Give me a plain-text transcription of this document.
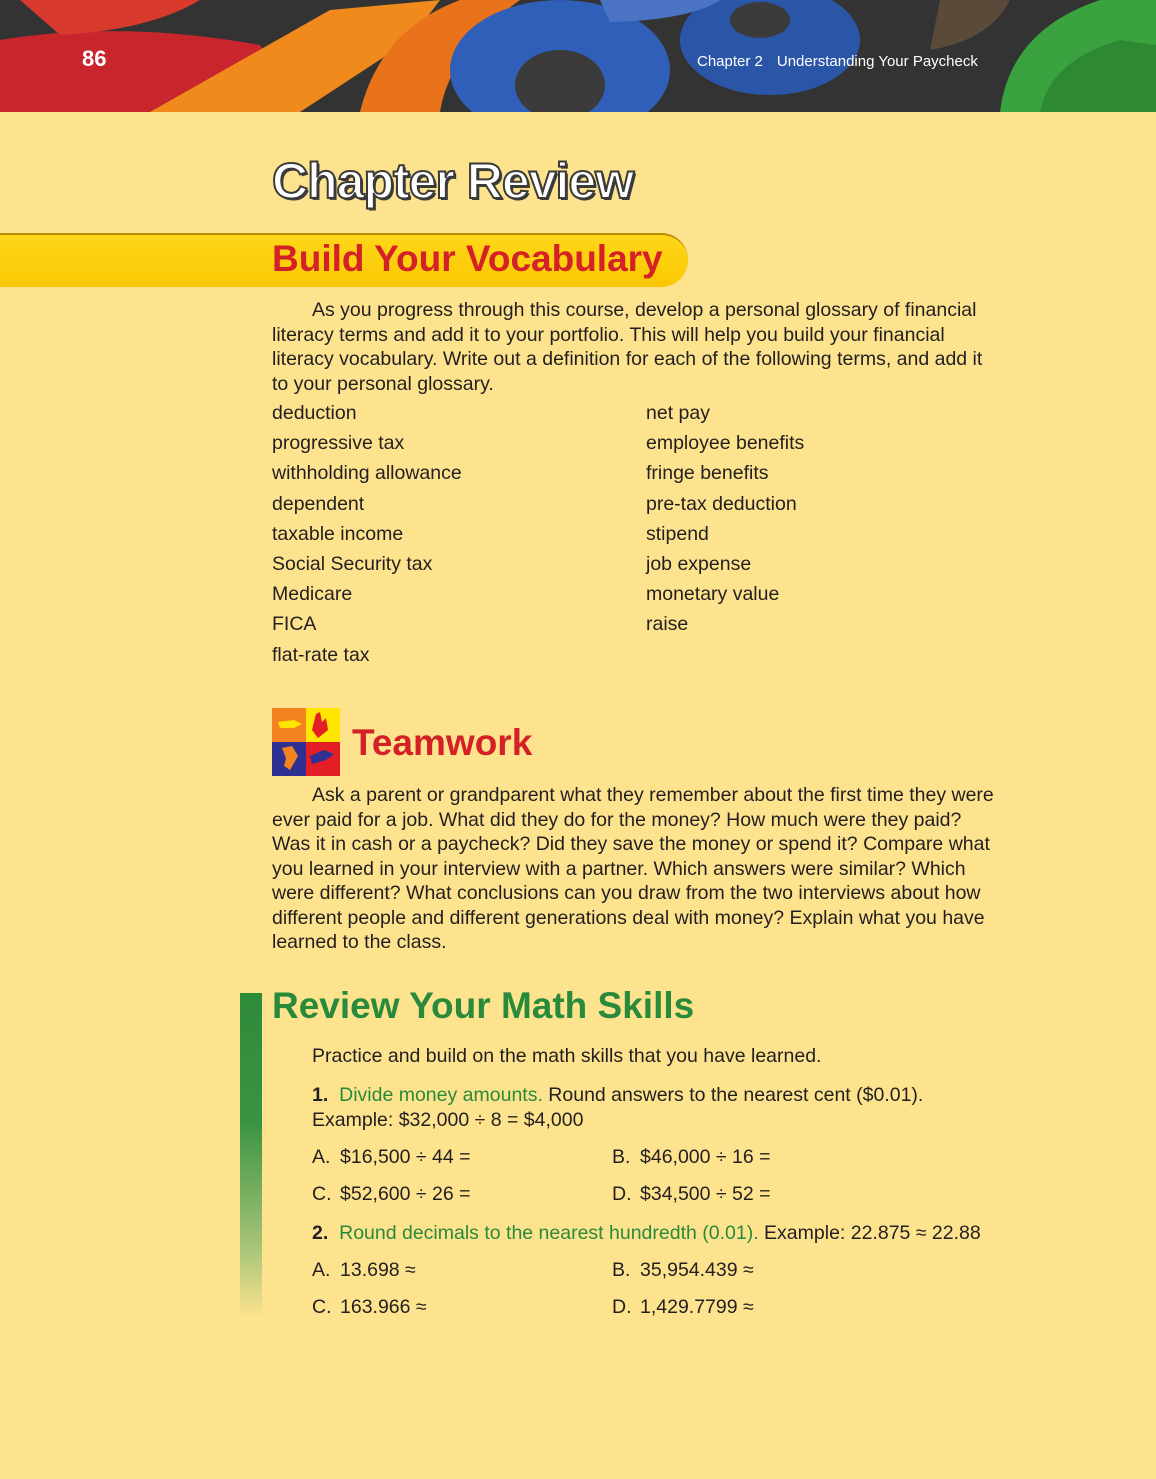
86	Chapter 2 Understanding Your Paycheck
Chapter Review
Build Your Vocabulary

As you progress through this course, develop a personal glossary of financial literacy terms and add it to your portfolio. This will help you build your financial literacy vocabulary. Write out a definition for each of the following terms, and add it to your personal glossary.

deduction
progressive tax
withholding allowance
dependent
taxable income
Social Security tax
Medicare
FICA
flat-rate tax
net pay
employee benefits
fringe benefits
pre-tax deduction
stipend
job expense
monetary value
raise
Teamwork

Ask a parent or grandparent what they remember about the first time they were ever paid for a job. What did they do for the money? How much were they paid? Was it in cash or a paycheck? Did they save the money or spend it? Compare what you learned in your interview with a partner. Which answers were similar? Which were different? What conclusions can you draw from the two interviews about how different people and different generations deal with money? Explain what you have learned to the class.

Review Your Math Skills
Practice and build on the math skills that you have learned.
1. Divide money amounts. Round answers to the nearest cent ($0.01).
Example: $32,000 ÷ 8 = $4,000
A. $16,500 ÷ 44 =	B. $46,000 ÷ 16 =
C. $52,600 ÷ 26 =	D. $34,500 ÷ 52 =
2. Round decimals to the nearest hundredth (0.01). Example: 22.875 ≈ 22.88
A. 13.698 ≈	B. 35,954.439 ≈
C. 163.966 ≈	D. 1,429.7799 ≈
